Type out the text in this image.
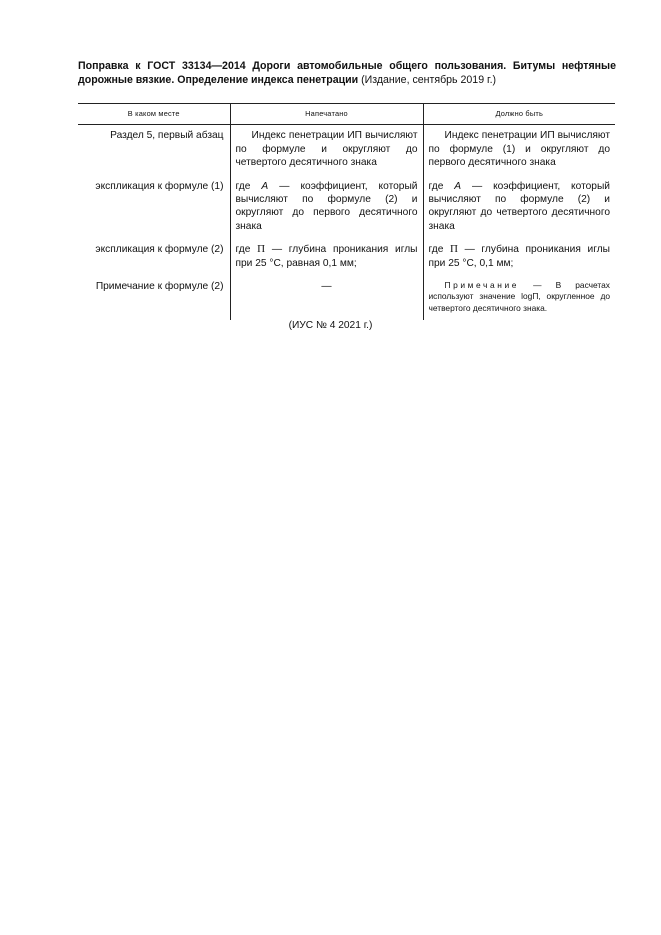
Поправка к ГОСТ 33134—2014 Дороги автомобильные общего пользования. Битумы нефтяные дорожные вязкие. Определение индекса пенетрации (Издание, сентябрь 2019 г.)
В каком месте	Напечатано	Должно быть
Раздел 5, первый абзац	Индекс пенетрации ИП вычисляют по формуле и округляют до четвертого десятичного знака	Индекс пенетрации ИП вычисляют по формуле (1) и округляют до первого десятичного знака
экспликация к формуле (1)	где A — коэффициент, который вычисляют по формуле (2) и округляют до первого десятичного знака	где A — коэффициент, который вычисляют по формуле (2) и округляют до четвертого десятичного знака
экспликация к формуле (2)	где П — глубина проникания иглы при 25 °С, равная 0,1 мм;	где П — глубина проникания иглы при 25 °С, 0,1 мм;
Примечание к формуле (2)	—	Примечание — В расчетах используют значение logП, округленное до четвертого десятичного знака.
(ИУС № 4 2021 г.)
